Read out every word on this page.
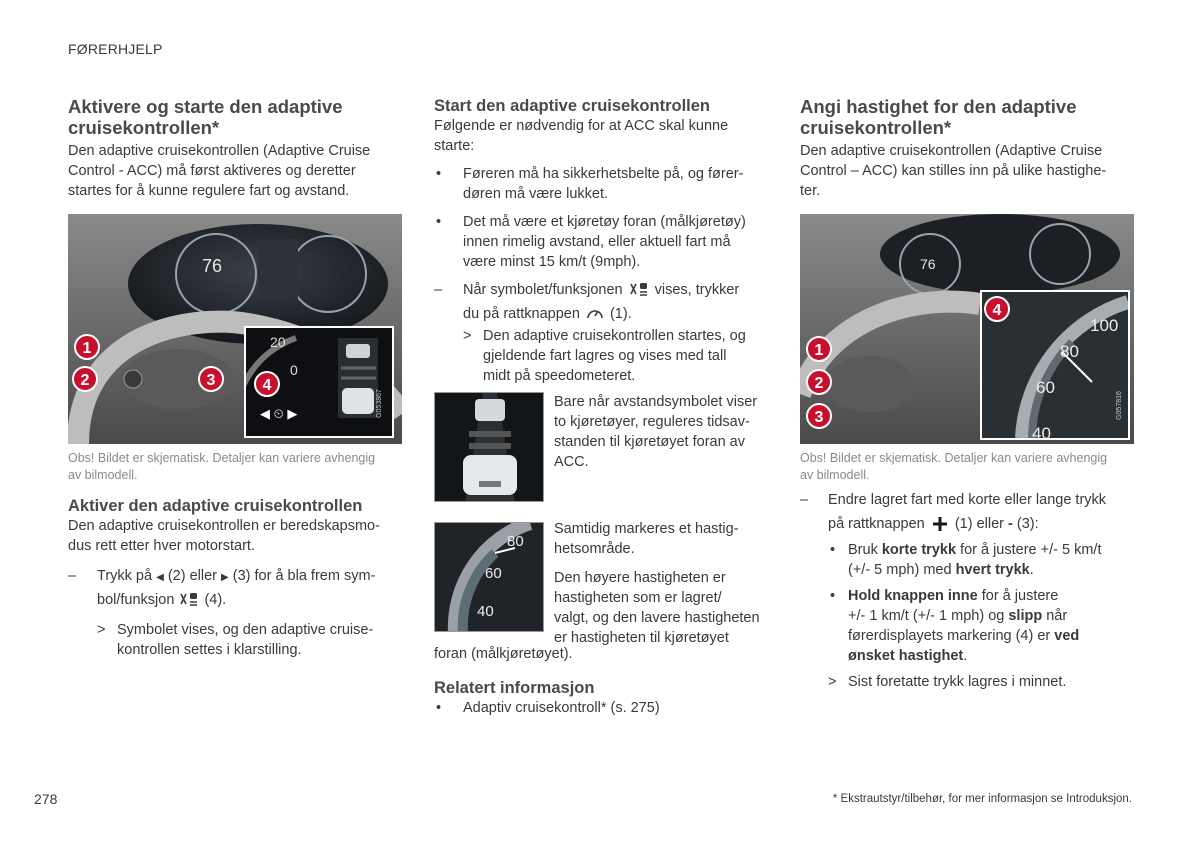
FØRERHJELP
Aktivere og starte den adaptive cruisekontrollen*

Den adaptive cruisekontrollen (Adaptive Cruise

Control - ACC) må først aktiveres og deretter

startes for å kunne regulere fart og avstand.

76
20
0
◀ ⏲ ▶	G053867
1
2	3	4
Obs! Bildet er skjematisk. Detaljer kan variere avhengig
av bilmodell.
Aktiver den adaptive cruisekontrollen

Den adaptive cruisekontrollen er beredskapsmo-

dus rett etter hver motorstart.

– Trykk på ◀ (2) eller ▶ (3) for å bla frem sym-
bol/funksjon (4).
> Symbolet vises, og den adaptive cruise-
kontrollen settes i klarstilling.
Start den adaptive cruisekontrollen

Følgende er nødvendig for at ACC skal kunne

starte:

• Føreren må ha sikkerhetsbelte på, og fører-
døren må være lukket.
• Det må være et kjøretøy foran (målkjøretøy)
innen rimelig avstand, eller aktuell fart må
være minst 15 km/t (9mph).
– Når symbolet/funksjonen vises, trykker
du på rattknappen (1).
> Den adaptive cruisekontrollen startes, og
gjeldende fart lagres og vises med tall
midt på speedometeret.
Bare når avstandsymbolet viser
to kjøretøyer, reguleres tidsav-
standen til kjøretøyet foran av
ACC.
80
60
40
Samtidig markeres et hastig-
hetsområde.
Den høyere hastigheten er
hastigheten som er lagret/
valgt, og den lavere hastigheten
er hastigheten til kjøretøyet
foran (målkjøretøyet).
Relatert informasjon
• Adaptiv cruisekontroll* (s. 275)
Angi hastighet for den adaptive cruisekontrollen*

Den adaptive cruisekontrollen (Adaptive Cruise

Control – ACC) kan stilles inn på ulike hastighe-

ter.

76
100
80
60
40
G057816
1
2
3
4
Obs! Bildet er skjematisk. Detaljer kan variere avhengig
av bilmodell.
– Endre lagret fart med korte eller lange trykk
på rattknappen (1) eller - (3):
• Bruk korte trykk for å justere +/- 5 km/t
(+/- 5 mph) med hvert trykk.
• Hold knappen inne for å justere
+/- 1 km/t (+/- 1 mph) og slipp når
førerdisplayets markering (4) er ved
ønsket hastighet.
> Sist foretatte trykk lagres i minnet.
278	* Ekstrautstyr/tilbehør, for mer informasjon se Introduksjon.
